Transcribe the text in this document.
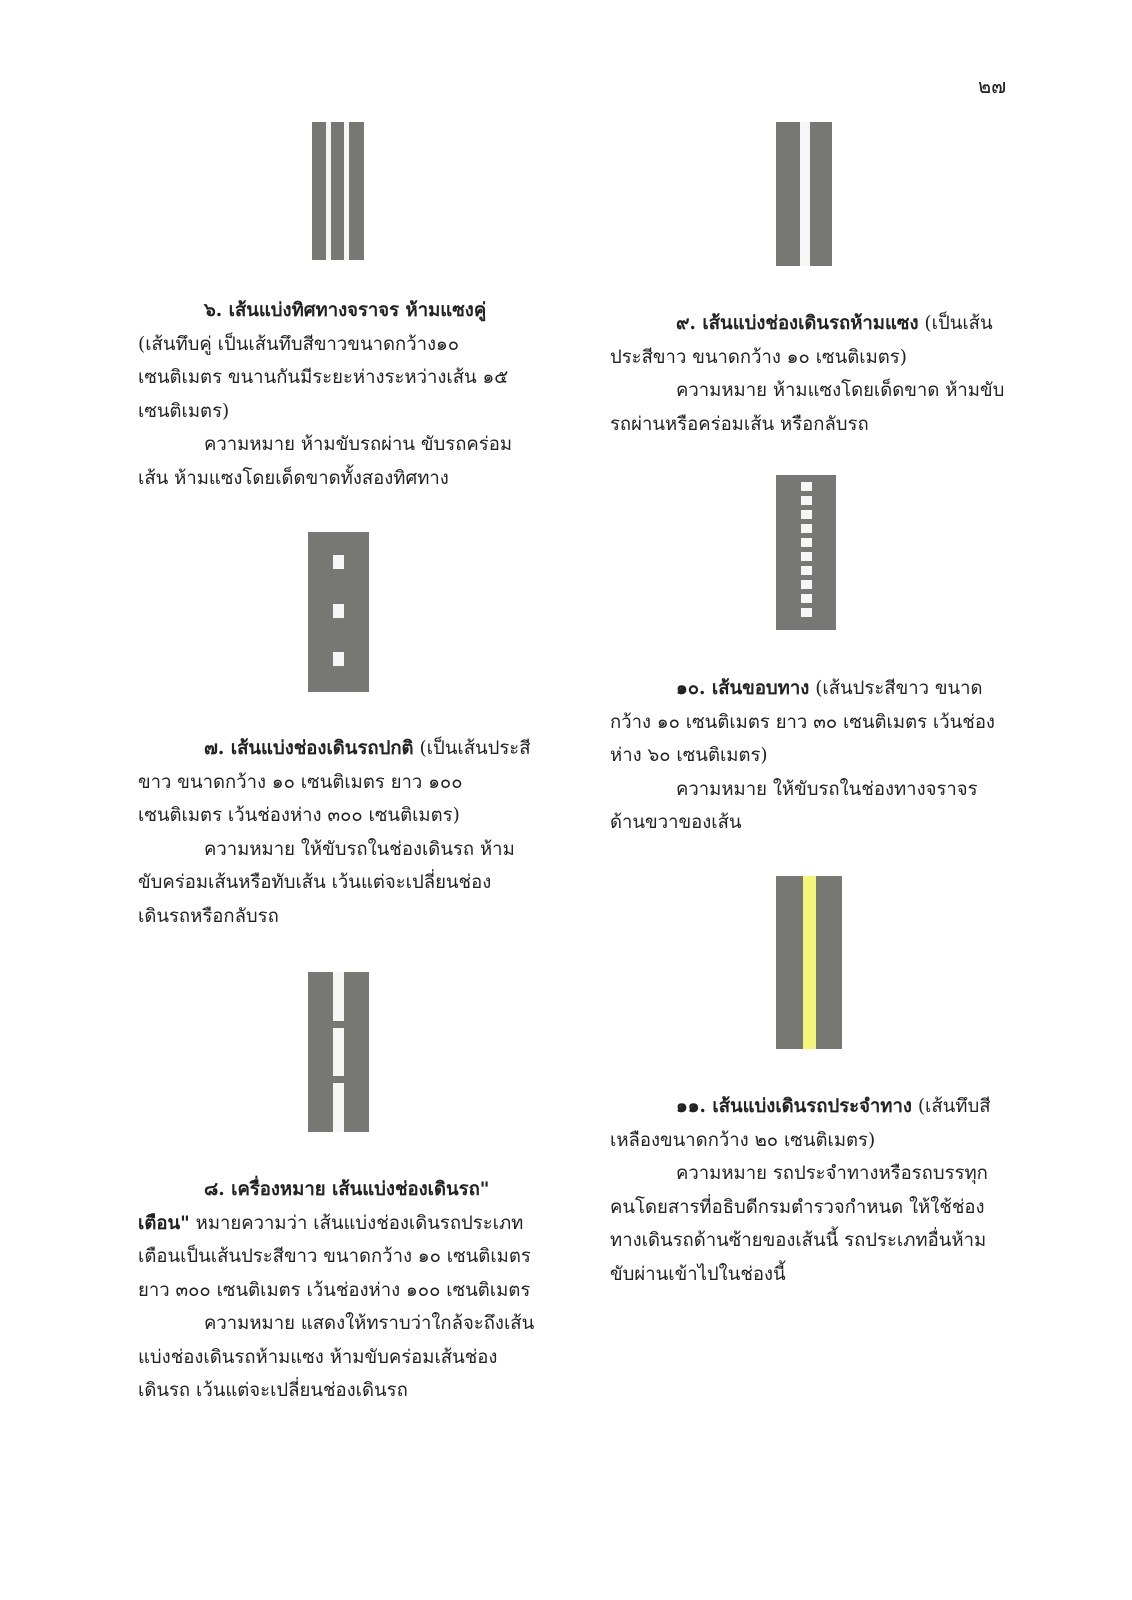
๒๗

๖. เส้นแบ่งทิศทางจราจร ห้ามแซงคู่

(เส้นทึบคู่ เป็นเส้นทึบสีขาวขนาดกว้าง๑๐ เซนติเมตร ขนานกันมีระยะห่างระหว่างเส้น ๑๕ เซนติเมตร)

ความหมาย ห้ามขับรถผ่าน ขับรถคร่อมเส้น ห้ามแซงโดยเด็ดขาดทั้งสองทิศทาง

๙. เส้นแบ่งช่องเดินรถห้ามแซง (เป็นเส้นประสีขาว ขนาดกว้าง ๑๐ เซนติเมตร)

ความหมาย ห้ามแซงโดยเด็ดขาด ห้ามขับรถผ่านหรือคร่อมเส้น หรือกลับรถ

๑๐. เส้นขอบทาง (เส้นประสีขาว ขนาดกว้าง ๑๐ เซนติเมตร ยาว ๓๐ เซนติเมตร เว้นช่องห่าง ๖๐ เซนติเมตร)

ความหมาย ให้ขับรถในช่องทางจราจรด้านขวาของเส้น

๗. เส้นแบ่งช่องเดินรถปกติ (เป็นเส้นประสีขาว ขนาดกว้าง ๑๐ เซนติเมตร ยาว ๑๐๐ เซนติเมตร เว้นช่องห่าง ๓๐๐ เซนติเมตร)

ความหมาย ให้ขับรถในช่องเดินรถ ห้ามขับคร่อมเส้นหรือทับเส้น เว้นแต่จะเปลี่ยนช่องเดินรถหรือกลับรถ

๑๑. เส้นแบ่งเดินรถประจำทาง (เส้นทึบสีเหลืองขนาดกว้าง ๒๐ เซนติเมตร)

ความหมาย รถประจำทางหรือรถบรรทุกคนโดยสารที่อธิบดีกรมตำรวจกำหนด ให้ใช้ช่องทางเดินรถด้านซ้ายของเส้นนี้ รถประเภทอื่นห้ามขับผ่านเข้าไปในช่องนี้

๘. เครื่องหมาย เส้นแบ่งช่องเดินรถ" เตือน" หมายความว่า เส้นแบ่งช่องเดินรถประเภทเตือนเป็นเส้นประสีขาว ขนาดกว้าง ๑๐ เซนติเมตร ยาว ๓๐๐ เซนติเมตร เว้นช่องห่าง ๑๐๐ เซนติเมตร

ความหมาย แสดงให้ทราบว่าใกล้จะถึงเส้นแบ่งช่องเดินรถห้ามแซง ห้ามขับคร่อมเส้นช่องเดินรถ เว้นแต่จะเปลี่ยนช่องเดินรถ
